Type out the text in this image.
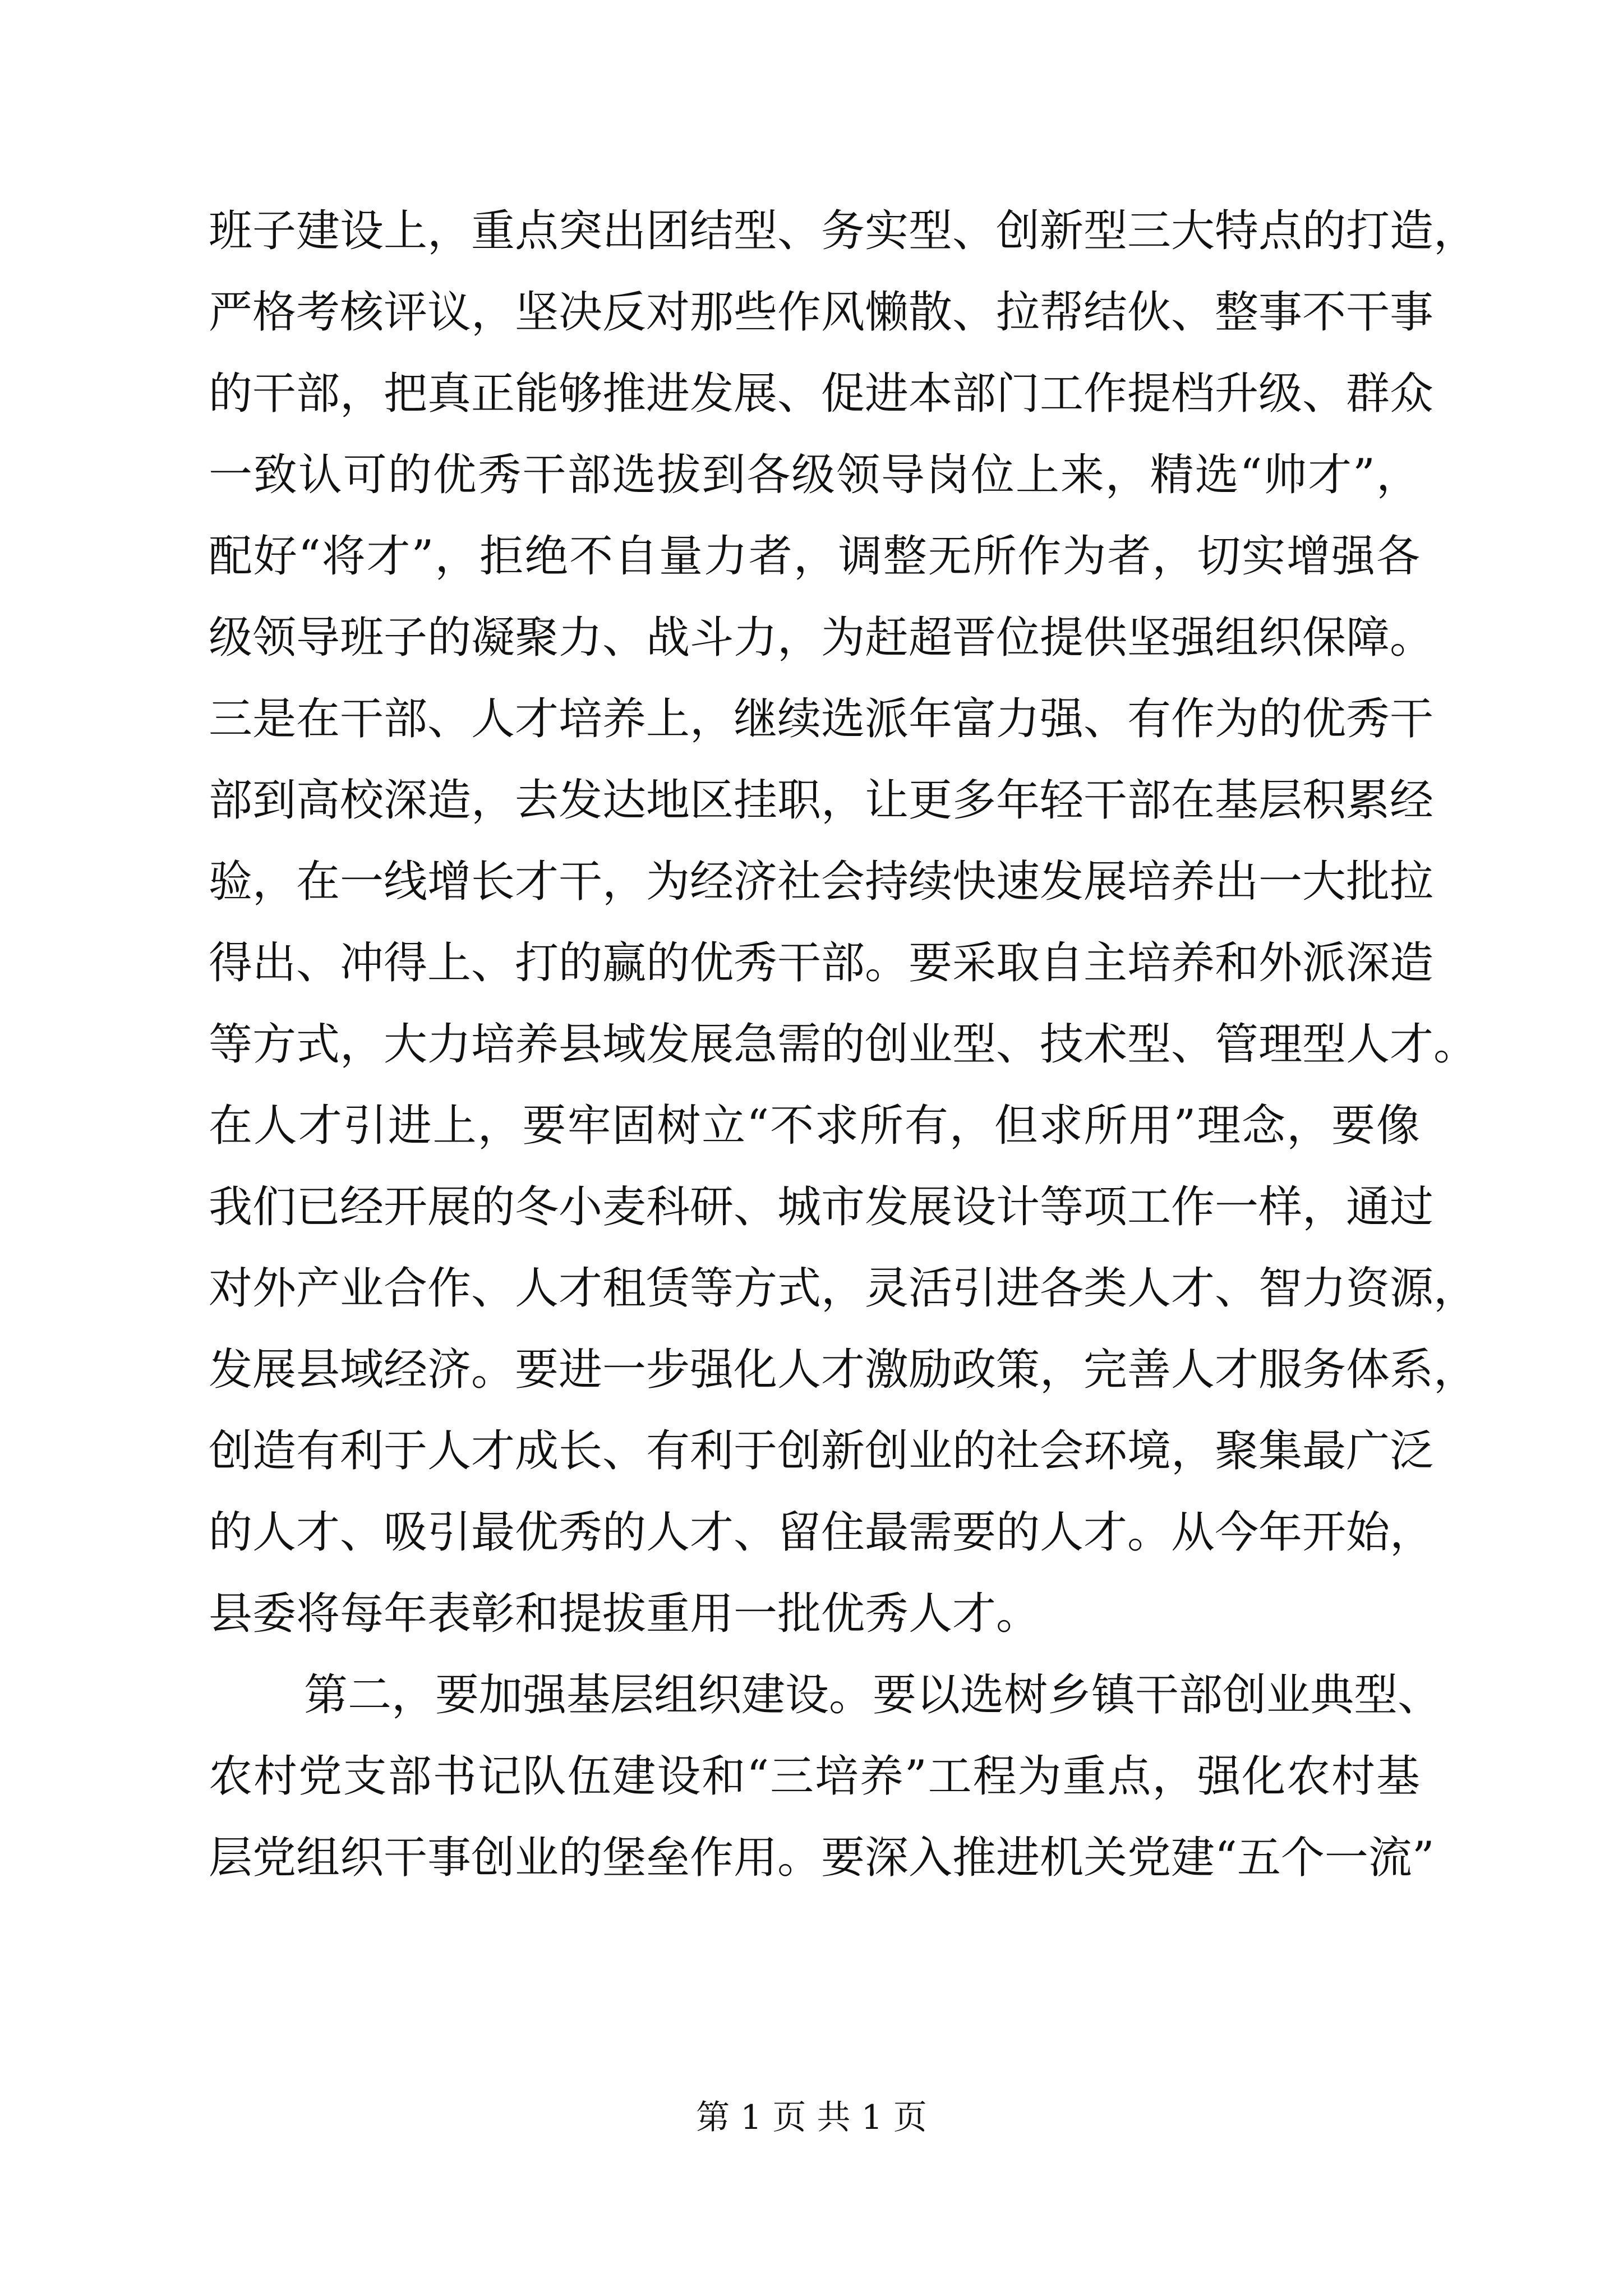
班子建设上，重点突出团结型、务实型、创新型三大特点的打造，
严格考核评议，坚决反对那些作风懒散、拉帮结伙、整事不干事
的干部，把真正能够推进发展、促进本部门工作提档升级、群众
一致认可的优秀干部选拔到各级领导岗位上来，精选“帅才”，
配好“将才”，拒绝不自量力者，调整无所作为者，切实增强各
级领导班子的凝聚力、战斗力，为赶超晋位提供坚强组织保障。
三是在干部、人才培养上，继续选派年富力强、有作为的优秀干
部到高校深造，去发达地区挂职，让更多年轻干部在基层积累经
验，在一线增长才干，为经济社会持续快速发展培养出一大批拉
得出、冲得上、打的赢的优秀干部。要采取自主培养和外派深造
等方式，大力培养县域发展急需的创业型、技术型、管理型人才。
在人才引进上，要牢固树立“不求所有，但求所用”理念，要像
我们已经开展的冬小麦科研、城市发展设计等项工作一样，通过
对外产业合作、人才租赁等方式，灵活引进各类人才、智力资源，
发展县域经济。要进一步强化人才激励政策，完善人才服务体系，
创造有利于人才成长、有利于创新创业的社会环境，聚集最广泛
的人才、吸引最优秀的人才、留住最需要的人才。从今年开始，
县委将每年表彰和提拔重用一批优秀人才。
第二，要加强基层组织建设。要以选树乡镇干部创业典型、
农村党支部书记队伍建设和“三培养”工程为重点，强化农村基
层党组织干事创业的堡垒作用。要深入推进机关党建“五个一流”
第 1 页 共 1 页
